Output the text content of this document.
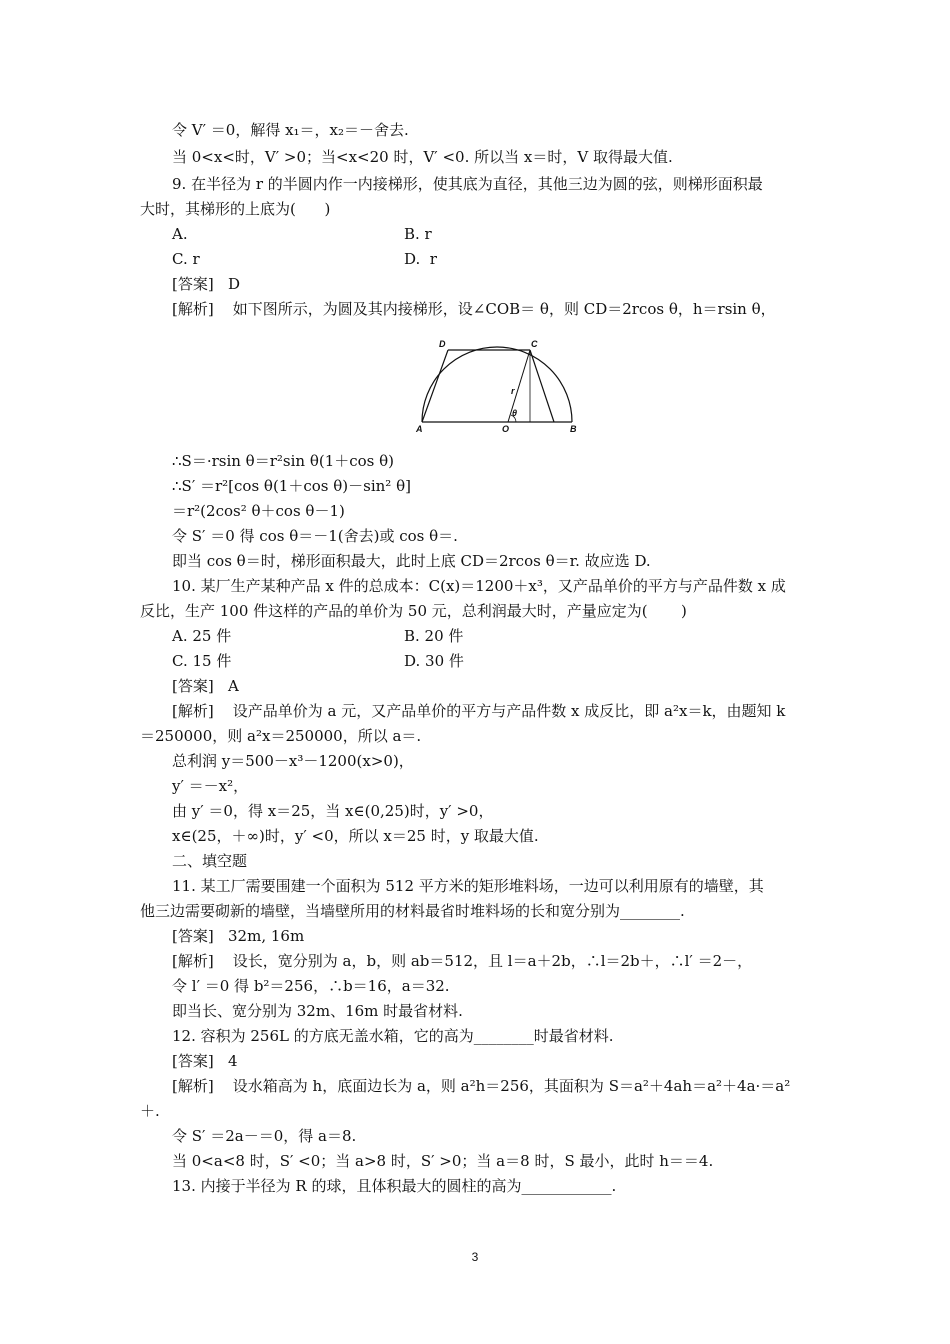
令 V′ ＝0，解得 x₁＝，x₂＝－舍去.
当 0<x<时，V′ >0；当<x<20 时，V′ <0. 所以当 x＝时，V 取得最大值.
9. 在半径为 r 的半圆内作一内接梯形，使其底为直径，其他三边为圆的弦，则梯形面积最
大时，其梯形的上底为(      )
A.	B. r
C. r	D.  r
[答案]   D
[解析]    如下图所示，为圆及其内接梯形，设∠COB＝ θ，则 CD＝2rcos θ，h＝rsin θ，
∴S＝·rsin θ＝r²sin θ(1＋cos θ)
∴S′ ＝r²[cos θ(1＋cos θ)－sin² θ]
＝r²(2cos² θ＋cos θ－1)
令 S′ ＝0 得 cos θ＝－1(舍去)或 cos θ＝.
即当 cos θ＝时，梯形面积最大，此时上底 CD＝2rcos θ＝r. 故应选 D.
10. 某厂生产某种产品 x 件的总成本：C(x)＝1200＋x³，又产品单价的平方与产品件数 x 成
反比，生产 100 件这样的产品的单价为 50 元，总利润最大时，产量应定为(       )
A. 25 件	B. 20 件
C. 15 件	D. 30 件
[答案]   A
[解析]    设产品单价为 a 元，又产品单价的平方与产品件数 x 成反比，即 a²x＝k，由题知 k
＝250000，则 a²x＝250000，所以 a＝.
总利润 y＝500－x³－1200(x>0)，
y′ ＝－x²，
由 y′ ＝0，得 x＝25，当 x∈(0,25)时，y′ >0，
x∈(25，＋∞)时，y′ <0，所以 x＝25 时，y 取最大值.
二、填空题
11. 某工厂需要围建一个面积为 512 平方米的矩形堆料场，一边可以利用原有的墙壁，其
他三边需要砌新的墙壁，当墙壁所用的材料最省时堆料场的长和宽分别为________.
[答案]   32m, 16m
[解析]    设长，宽分别为 a，b，则 ab＝512，且 l＝a＋2b，∴l＝2b＋，∴l′ ＝2－，
令 l′ ＝0 得 b²＝256，∴b＝16，a＝32.
即当长、宽分别为 32m、16m 时最省材料.
12. 容积为 256L 的方底无盖水箱，它的高为________时最省材料.
[答案]   4
[解析]    设水箱高为 h，底面边长为 a，则 a²h＝256，其面积为 S＝a²＋4ah＝a²＋4a·＝a²
＋.
令 S′ ＝2a－＝0，得 a＝8.
当 0<a<8 时，S′ <0；当 a>8 时，S′ >0；当 a＝8 时，S 最小，此时 h＝＝4.
13. 内接于半径为 R 的球，且体积最大的圆柱的高为____________.
D	C
A	O	B
r
θ
3
